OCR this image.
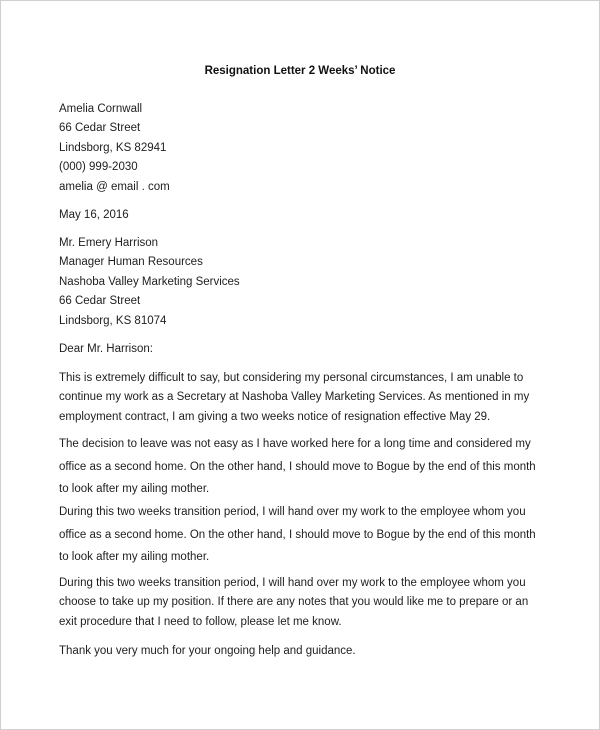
Resignation Letter 2 Weeks’ Notice
Amelia Cornwall
66 Cedar Street
Lindsborg, KS 82941
(000) 999-2030
amelia @ email . com
May 16, 2016
Mr. Emery Harrison
Manager Human Resources
Nashoba Valley Marketing Services
66 Cedar Street
Lindsborg, KS 81074
Dear Mr. Harrison:
This is extremely difficult to say, but considering my personal circumstances, I am unable to
continue my work as a Secretary at Nashoba Valley Marketing Services. As mentioned in my
employment contract, I am giving a two weeks notice of resignation effective May 29.
The decision to leave was not easy as I have worked here for a long time and considered my
office as a second home. On the other hand, I should move to Bogue by the end of this month
to look after my ailing mother.
During this two weeks transition period, I will hand over my work to the employee whom you
office as a second home. On the other hand, I should move to Bogue by the end of this month
to look after my ailing mother.
During this two weeks transition period, I will hand over my work to the employee whom you
choose to take up my position. If there are any notes that you would like me to prepare or an
exit procedure that I need to follow, please let me know.
Thank you very much for your ongoing help and guidance.
